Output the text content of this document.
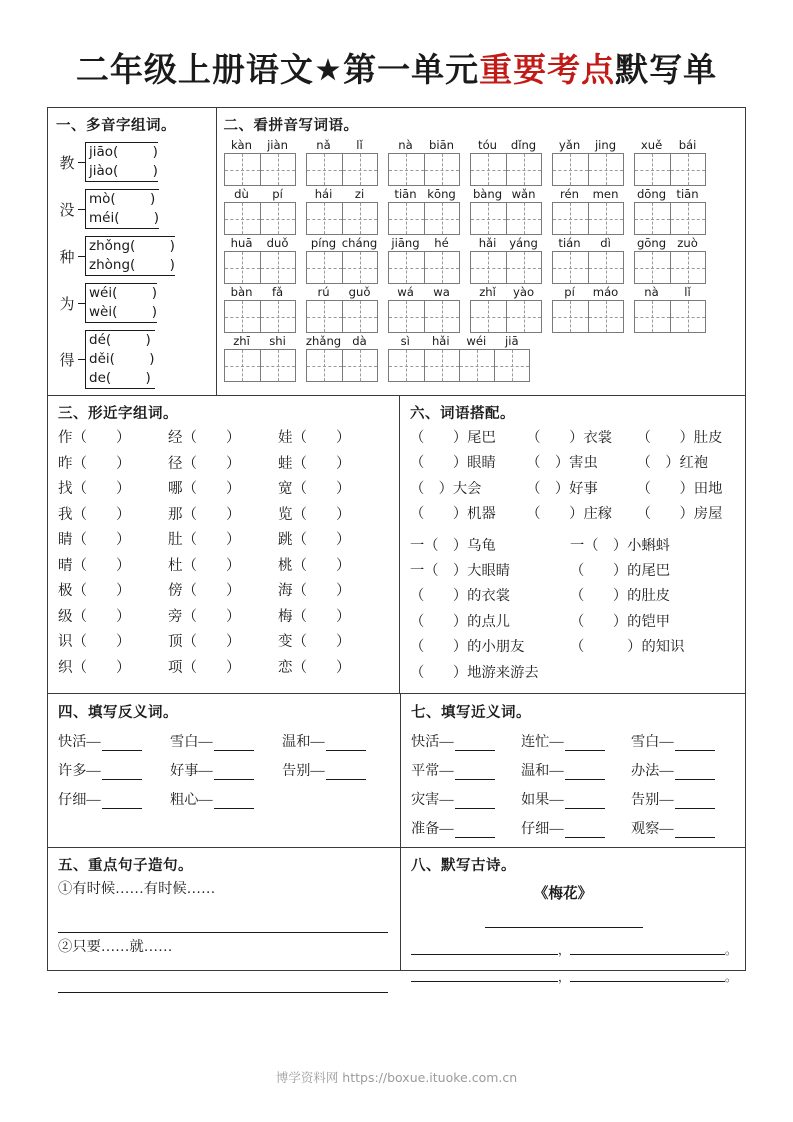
二年级上册语文★第一单元重要考点默写单
一、多音字组词。
教
jiāo(        )
jiào(        )
没
mò(        )
méi(        )
种
zhǒng(        )
zhòng(        )
为
wéi(        )
wèi(        )
得
dé(        )
děi(        )
de(        )
二、看拼音写词语。
kàn	jiàn	nǎ	lǐ	nà	biān	tóu	dǐng	yǎn	jing	xuě	bái
dù	pí	hái	zi	tiān kōng	bàng wǎn	rén	men	dōng tiān
huā	duǒ	píng cháng	jiāng	hé	hǎi	yáng	tián	dì	gōng zuò
bàn	fǎ	rú	guǒ	wá	wa	zhǐ	yào	pí	máo	nà	lǐ
zhī	shi	zhǎng dà	sì	hǎi	wéi	jiā
三、形近字组词。
作（        ）	经（        ）	娃（        ）
昨（        ）	径（        ）	蛙（        ）
找（        ）	哪（        ）	宽（        ）
我（        ）	那（        ）	览（        ）
睛（        ）	肚（        ）	跳（        ）
晴（        ）	杜（        ）	桃（        ）
极（        ）	傍（        ）	海（        ）
级（        ）	旁（        ）	梅（        ）
识（        ）	顶（        ）	变（        ）
织（        ）	项（        ）	恋（        ）
六、词语搭配。
（        ）尾巴	（        ）衣裳	（        ）肚皮
（        ）眼睛	（    ）害虫	（    ）红袍
（    ）大会	（    ）好事	（        ）田地
（        ）机器	（        ）庄稼	（        ）房屋
一（    ）乌龟	一（    ）小蝌蚪
一（    ）大眼睛	（        ）的尾巴
（        ）的衣裳	（        ）的肚皮
（        ）的点儿	（        ）的铠甲
（        ）的小朋友	（            ）的知识
（        ）地游来游去
四、填写反义词。
快活—	雪白—	温和—
许多—	好事—	告别—
仔细—	粗心—
七、填写近义词。
快活—	连忙—	雪白—
平常—	温和—	办法—
灾害—	如果—	告别—
准备—	仔细—	观察—
五、重点句子造句。
①有时候……有时候……
②只要……就……
八、默写古诗。
《梅花》
，	。
，	。
博学资料网 https://boxue.ituoke.com.cn
